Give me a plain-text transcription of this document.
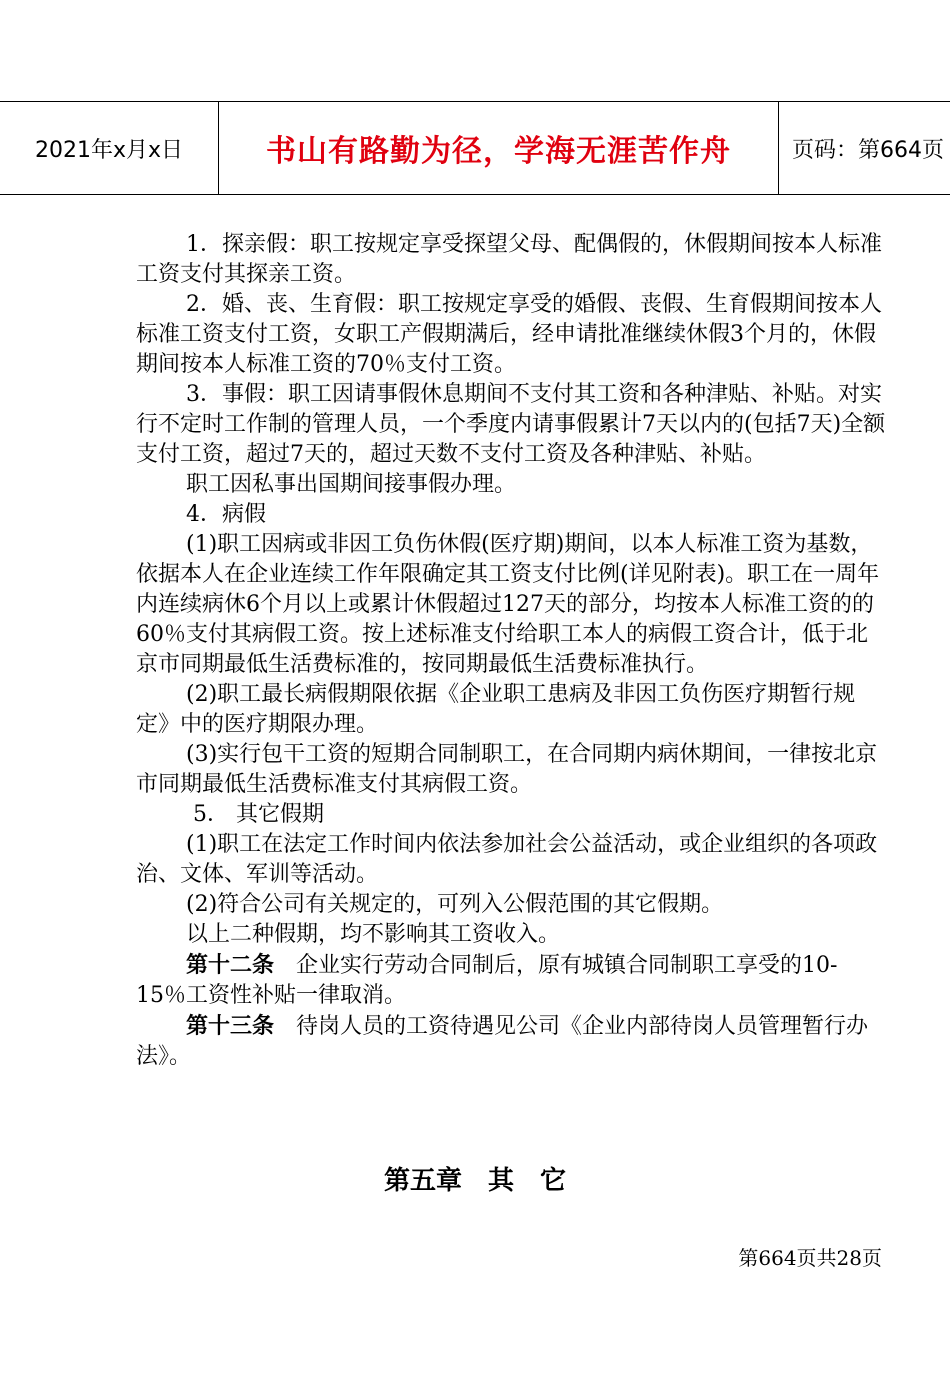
2021年x月x日	书山有路勤为径，学海无涯苦作舟	页码：第664页

1．探亲假：职工按规定享受探望父母、配偶假的，休假期间按本人标准工资支付其探亲工资。

2．婚、丧、生育假：职工按规定享受的婚假、丧假、生育假期间按本人标准工资支付工资，女职工产假期满后，经申请批准继续休假3个月的，休假期间按本人标准工资的70％支付工资。

3．事假：职工因请事假休息期间不支付其工资和各种津贴、补贴。对实行不定时工作制的管理人员，一个季度内请事假累计7天以内的(包括7天)全额支付工资，超过7天的，超过天数不支付工资及各种津贴、补贴。

职工因私事出国期间接事假办理。

4．病假

(1)职工因病或非因工负伤休假(医疗期)期间，以本人标准工资为基数，依据本人在企业连续工作年限确定其工资支付比例(详见附表)。职工在一周年内连续病休6个月以上或累计休假超过127天的部分，均按本人标准工资的的60％支付其病假工资。按上述标准支付给职工本人的病假工资合计，低于北京市同期最低生活费标准的，按同期最低生活费标准执行。

(2)职工最长病假期限依据《企业职工患病及非因工负伤医疗期暂行规定》中的医疗期限办理。

(3)实行包干工资的短期合同制职工，在合同期内病休期间，一律按北京市同期最低生活费标准支付其病假工资。

5． 其它假期

(1)职工在法定工作时间内依法参加社会公益活动，或企业组织的各项政治、文体、军训等活动。

(2)符合公司有关规定的，可列入公假范围的其它假期。

以上二种假期，均不影响其工资收入。

第十二条　企业实行劳动合同制后，原有城镇合同制职工享受的10-15％工资性补贴一律取消。

第十三条　待岗人员的工资待遇见公司《企业内部待岗人员管理暂行办法》。

第五章　其　它
第664页共28页
